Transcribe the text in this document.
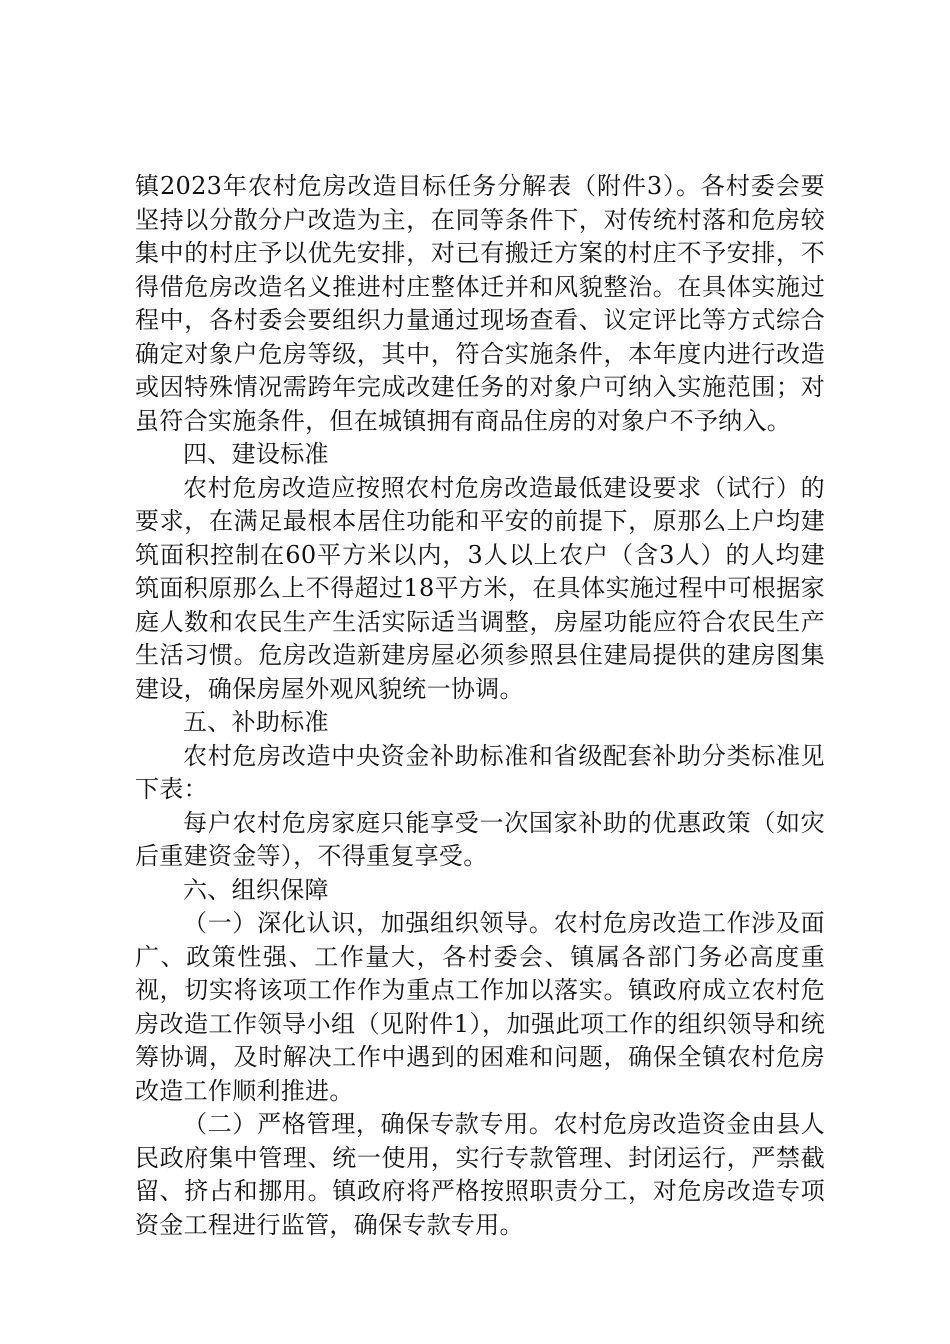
镇2023年农村危房改造目标任务分解表（附件3）。各村委会要坚持以分散分户改造为主，在同等条件下，对传统村落和危房较集中的村庄予以优先安排，对已有搬迁方案的村庄不予安排，不得借危房改造名义推进村庄整体迁并和风貌整治。在具体实施过程中，各村委会要组织力量通过现场查看、议定评比等方式综合确定对象户危房等级，其中，符合实施条件，本年度内进行改造或因特殊情况需跨年完成改建任务的对象户可纳入实施范围；对虽符合实施条件，但在城镇拥有商品住房的对象户不予纳入。

四、建设标准

农村危房改造应按照农村危房改造最低建设要求（试行）的要求，在满足最根本居住功能和平安的前提下，原那么上户均建筑面积控制在60平方米以内，3人以上农户（含3人）的人均建筑面积原那么上不得超过18平方米，在具体实施过程中可根据家庭人数和农民生产生活实际适当调整，房屋功能应符合农民生产生活习惯。危房改造新建房屋必须参照县住建局提供的建房图集建设，确保房屋外观风貌统一协调。

五、补助标准

农村危房改造中央资金补助标准和省级配套补助分类标准见下表：

每户农村危房家庭只能享受一次国家补助的优惠政策（如灾后重建资金等），不得重复享受。

六、组织保障

（一）深化认识，加强组织领导。农村危房改造工作涉及面广、政策性强、工作量大，各村委会、镇属各部门务必高度重视，切实将该项工作作为重点工作加以落实。镇政府成立农村危房改造工作领导小组（见附件1），加强此项工作的组织领导和统筹协调，及时解决工作中遇到的困难和问题，确保全镇农村危房改造工作顺利推进。

（二）严格管理，确保专款专用。农村危房改造资金由县人民政府集中管理、统一使用，实行专款管理、封闭运行，严禁截留、挤占和挪用。镇政府将严格按照职责分工，对危房改造专项资金工程进行监管，确保专款专用。
